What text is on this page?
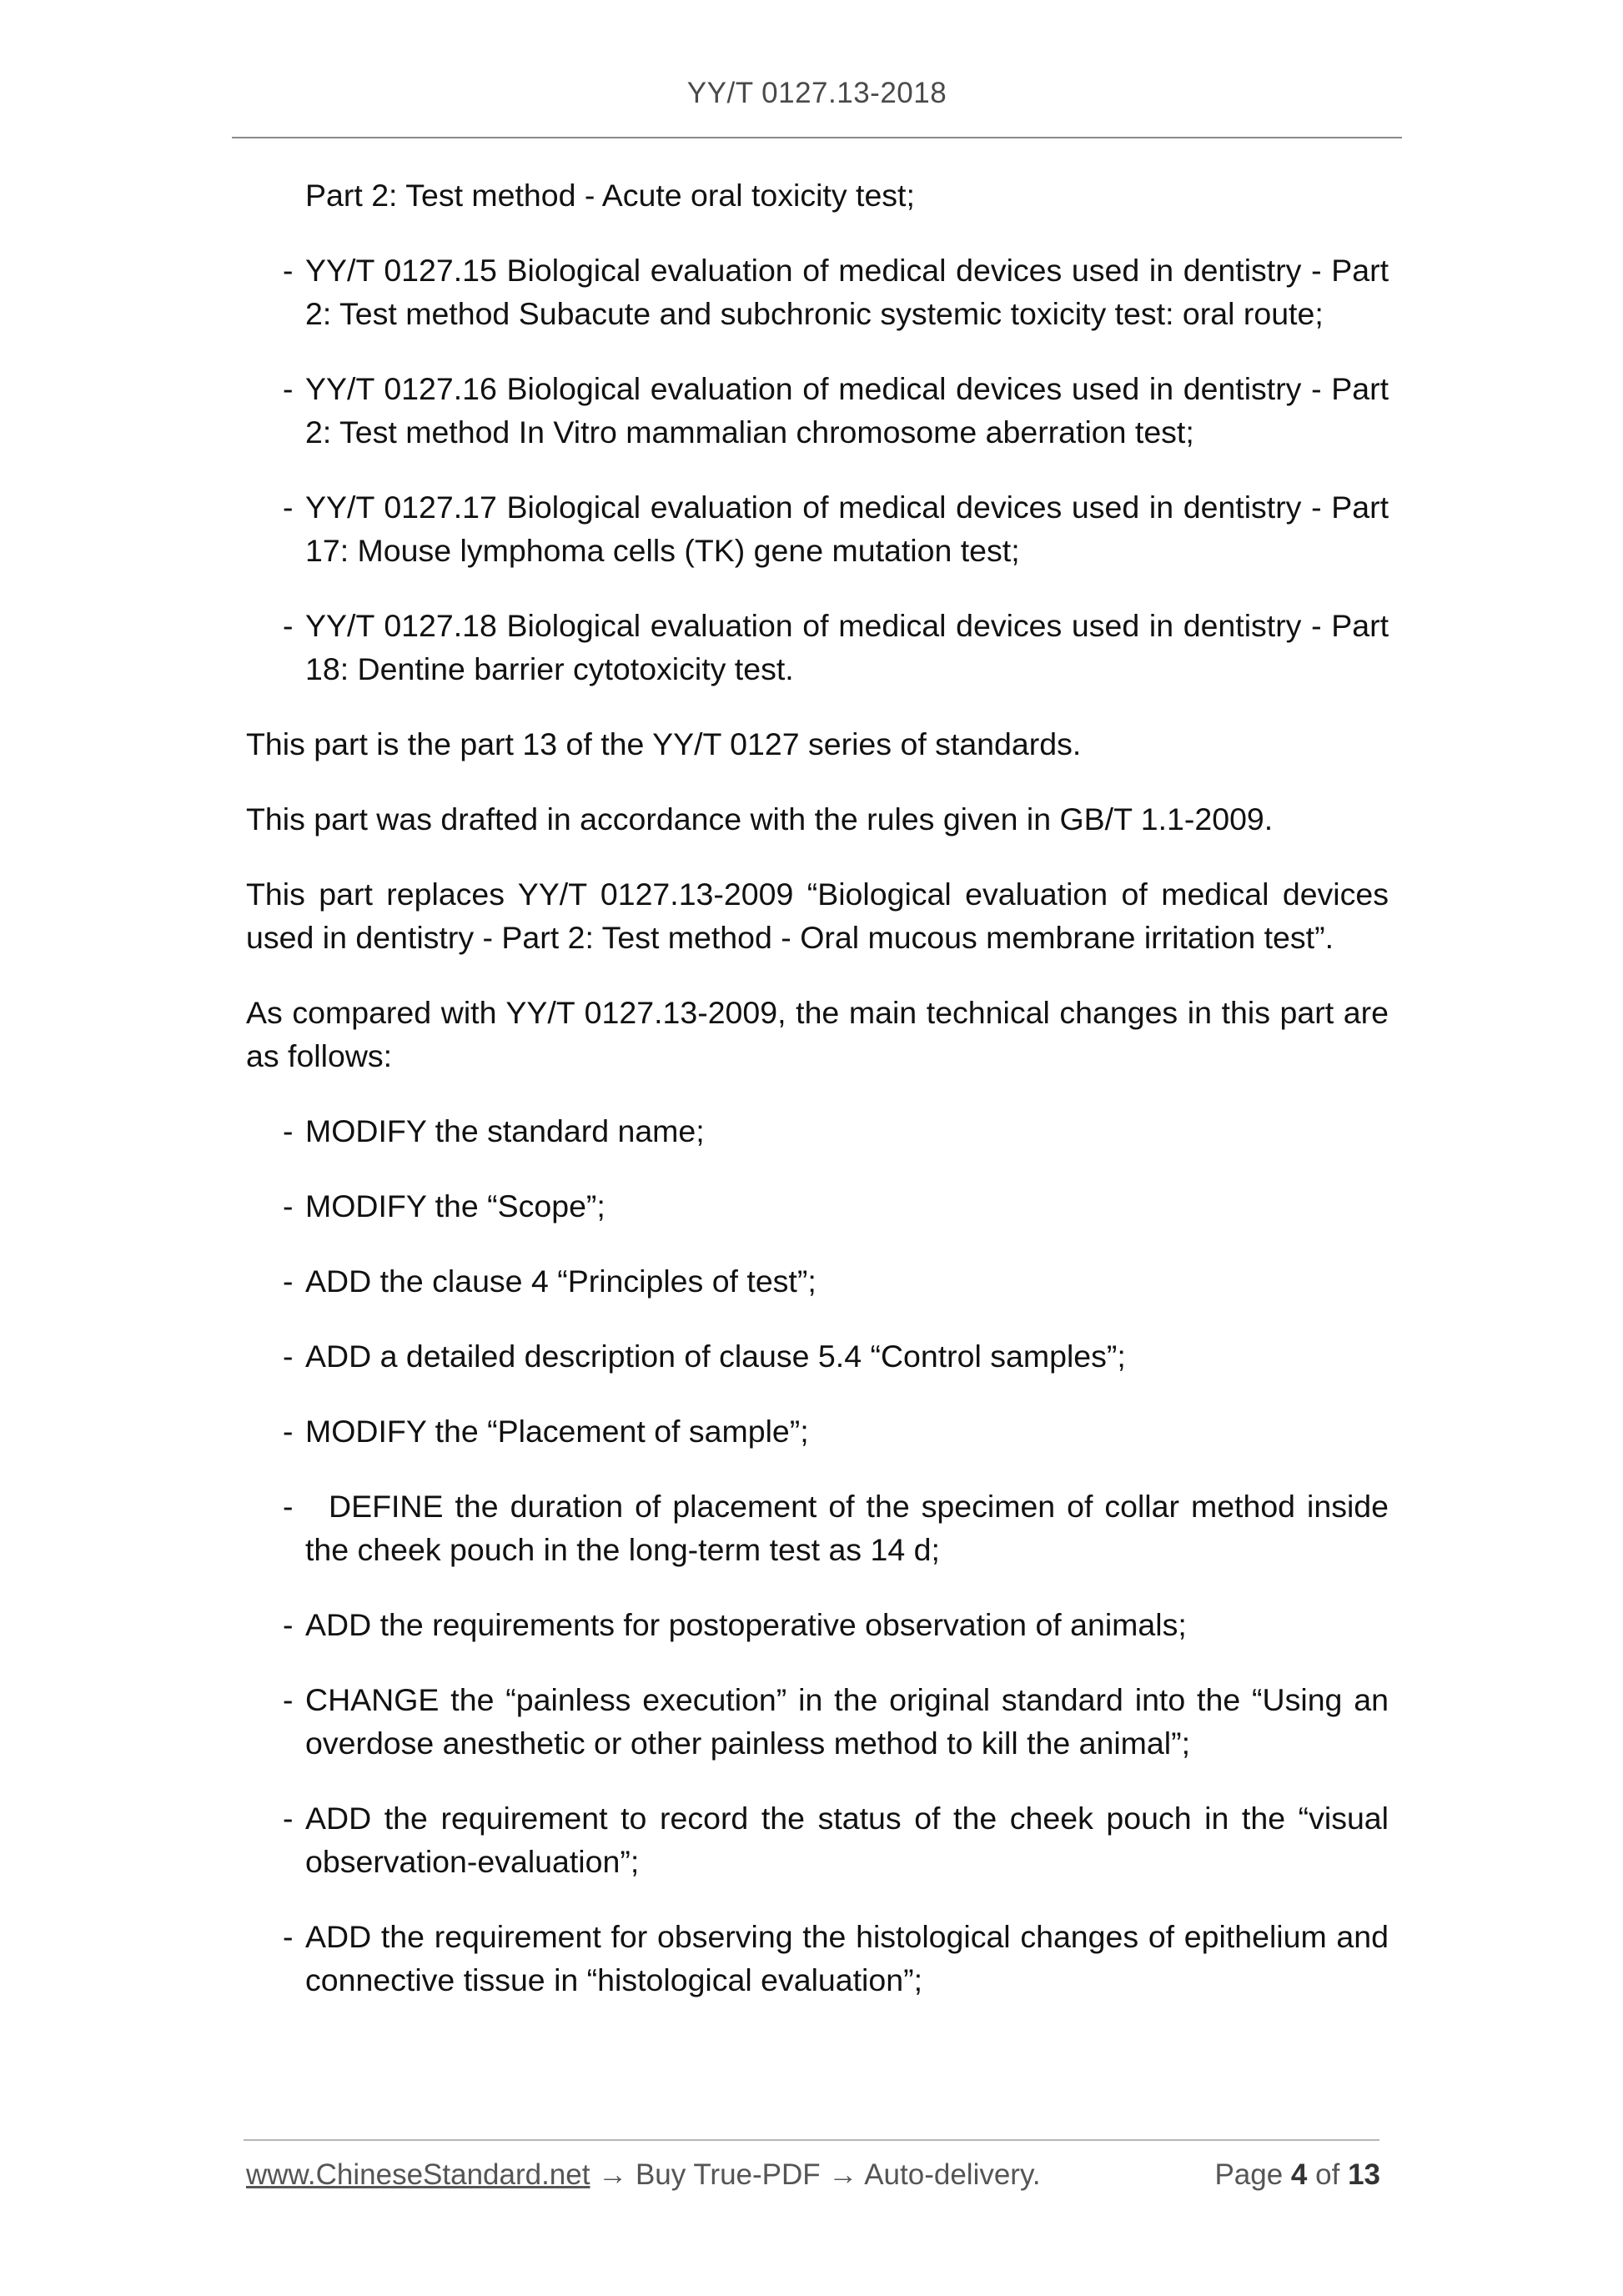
YY/T 0127.13-2018
Part 2: Test method - Acute oral toxicity test;
- YY/T 0127.15 Biological evaluation of medical devices used in dentistry - Part 2: Test method Subacute and subchronic systemic toxicity test: oral route;
- YY/T 0127.16 Biological evaluation of medical devices used in dentistry - Part 2: Test method In Vitro mammalian chromosome aberration test;
- YY/T 0127.17 Biological evaluation of medical devices used in dentistry - Part 17: Mouse lymphoma cells (TK) gene mutation test;
- YY/T 0127.18 Biological evaluation of medical devices used in dentistry - Part 18: Dentine barrier cytotoxicity test.

This part is the part 13 of the YY/T 0127 series of standards.

This part was drafted in accordance with the rules given in GB/T 1.1-2009.

This part replaces YY/T 0127.13-2009 “Biological evaluation of medical devices used in dentistry - Part 2: Test method - Oral mucous membrane irritation test”.

As compared with YY/T 0127.13-2009, the main technical changes in this part are as follows:

- MODIFY the standard name;
- MODIFY the “Scope”;
- ADD the clause 4 “Principles of test”;
- ADD a detailed description of clause 5.4 “Control samples”;
- MODIFY the “Placement of sample”;
- DEFINE the duration of placement of the specimen of collar method inside the cheek pouch in the long-term test as 14 d;
- ADD the requirements for postoperative observation of animals;
- CHANGE the “painless execution” in the original standard into the “Using an overdose anesthetic or other painless method to kill the animal”;
- ADD the requirement to record the status of the cheek pouch in the “visual observation-evaluation”;
- ADD the requirement for observing the histological changes of epithelium and connective tissue in “histological evaluation”;
www.ChineseStandard.net → Buy True-PDF → Auto-delivery.	Page 4 of 13
